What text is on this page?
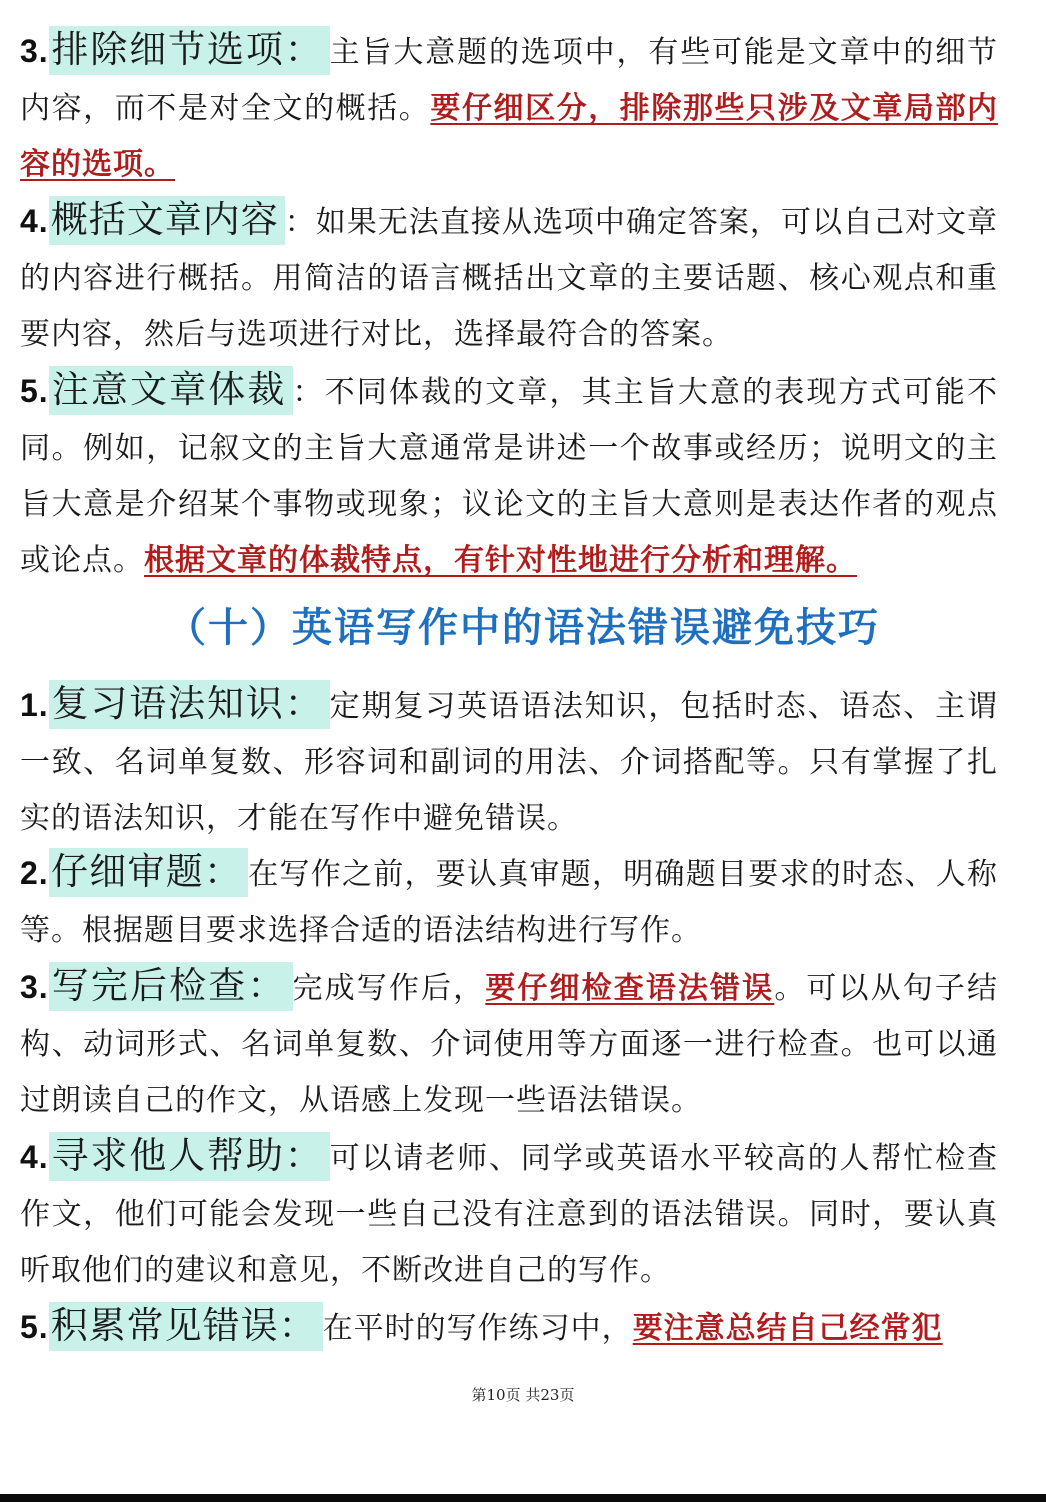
3.排除细节选项： 主旨大意题的选项中，有些可能是文章中的细节内容，而不是对全文的概括。要仔细区分，排除那些只涉及文章局部内容的选项。
4.概括文章内容 ：如果无法直接从选项中确定答案，可以自己对文章的内容进行概括。用简洁的语言概括出文章的主要话题、核心观点和重要内容，然后与选项进行对比，选择最符合的答案。
5.注意文章体裁 ：不同体裁的文章，其主旨大意的表现方式可能不同。例如，记叙文的主旨大意通常是讲述一个故事或经历；说明文的主旨大意是介绍某个事物或现象；议论文的主旨大意则是表达作者的观点或论点。根据文章的体裁特点，有针对性地进行分析和理解。
（十）英语写作中的语法错误避免技巧
1.复习语法知识： 定期复习英语语法知识，包括时态、语态、主谓一致、名词单复数、形容词和副词的用法、介词搭配等。只有掌握了扎实的语法知识，才能在写作中避免错误。
2.仔细审题： 在写作之前，要认真审题，明确题目要求的时态、人称等。根据题目要求选择合适的语法结构进行写作。
3.写完后检查： 完成写作后，要仔细检查语法错误。可以从句子结构、动词形式、名词单复数、介词使用等方面逐一进行检查。也可以通过朗读自己的作文，从语感上发现一些语法错误。
4.寻求他人帮助： 可以请老师、同学或英语水平较高的人帮忙检查作文，他们可能会发现一些自己没有注意到的语法错误。同时，要认真听取他们的建议和意见，不断改进自己的写作。
5.积累常见错误： 在平时的写作练习中，要注意总结自己经常犯
第10页 共23页
